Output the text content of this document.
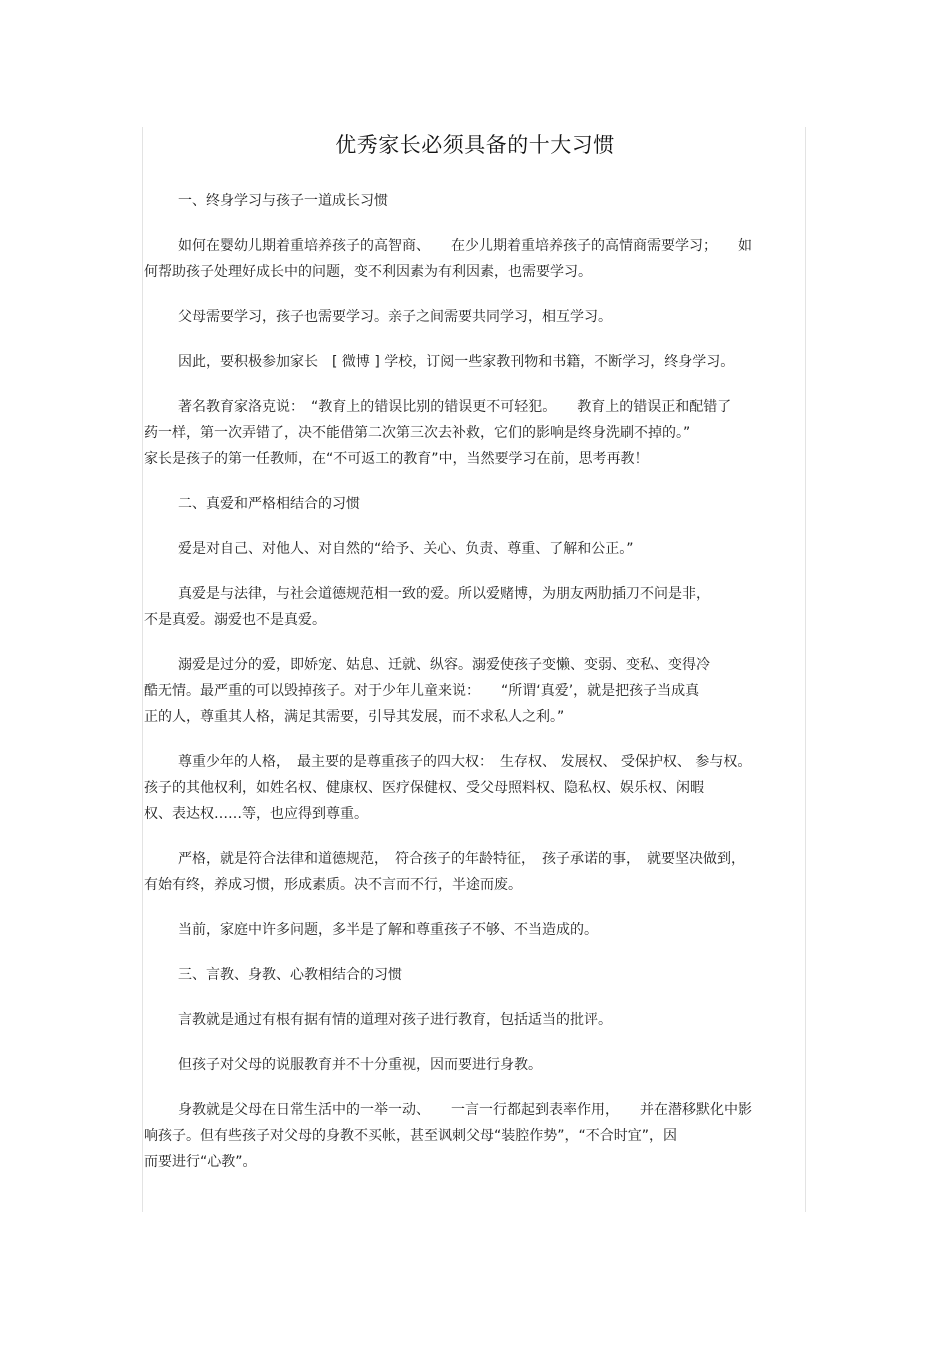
优秀家长必须具备的十大习惯
一、终身学习与孩子一道成长习惯
如何在婴幼儿期着重培养孩子的高智商、　　在少儿期着重培养孩子的高情商需要学习；　　如
何帮助孩子处理好成长中的问题，变不利因素为有利因素，也需要学习。
父母需要学习，孩子也需要学习。亲子之间需要共同学习，相互学习。
因此，要积极参加家长　[ 微博 ] 学校，订阅一些家教刊物和书籍，不断学习，终身学习。
著名教育家洛克说：　“教育上的错误比别的错误更不可轻犯。　　教育上的错误正和配错了
药一样，第一次弄错了，决不能借第二次第三次去补救，它们的影响是终身洗刷不掉的。”
家长是孩子的第一任教师，在“不可返工的教育”中，当然要学习在前，思考再教！
二、真爱和严格相结合的习惯
爱是对自己、对他人、对自然的“给予、关心、负责、尊重、了解和公正。”
真爱是与法律，与社会道德规范相一致的爱。所以爱赌博，为朋友两肋插刀不问是非，
不是真爱。溺爱也不是真爱。
溺爱是过分的爱，即娇宠、姑息、迁就、纵容。溺爱使孩子变懒、变弱、变私、变得冷
酷无情。最严重的可以毁掉孩子。对于少年儿童来说：　　“所谓‘真爱’，就是把孩子当成真
正的人，尊重其人格，满足其需要，引导其发展，而不求私人之利。”
尊重少年的人格，　最主要的是尊重孩子的四大权：　生存权、 发展权、 受保护权、 参与权。
孩子的其他权利，如姓名权、健康权、医疗保健权、受父母照料权、隐私权、娱乐权、闲暇
权、表达权……等，也应得到尊重。
严格，就是符合法律和道德规范，　符合孩子的年龄特征，　孩子承诺的事，　就要坚决做到，
有始有终，养成习惯，形成素质。决不言而不行，半途而废。
当前，家庭中许多问题，多半是了解和尊重孩子不够、不当造成的。
三、言教、身教、心教相结合的习惯
言教就是通过有根有据有情的道理对孩子进行教育，包括适当的批评。
但孩子对父母的说服教育并不十分重视，因而要进行身教。
身教就是父母在日常生活中的一举一动、　　一言一行都起到表率作用，　　并在潜移默化中影
响孩子。但有些孩子对父母的身教不买帐，甚至讽刺父母“装腔作势”，“不合时宜”，因
而要进行“心教”。
